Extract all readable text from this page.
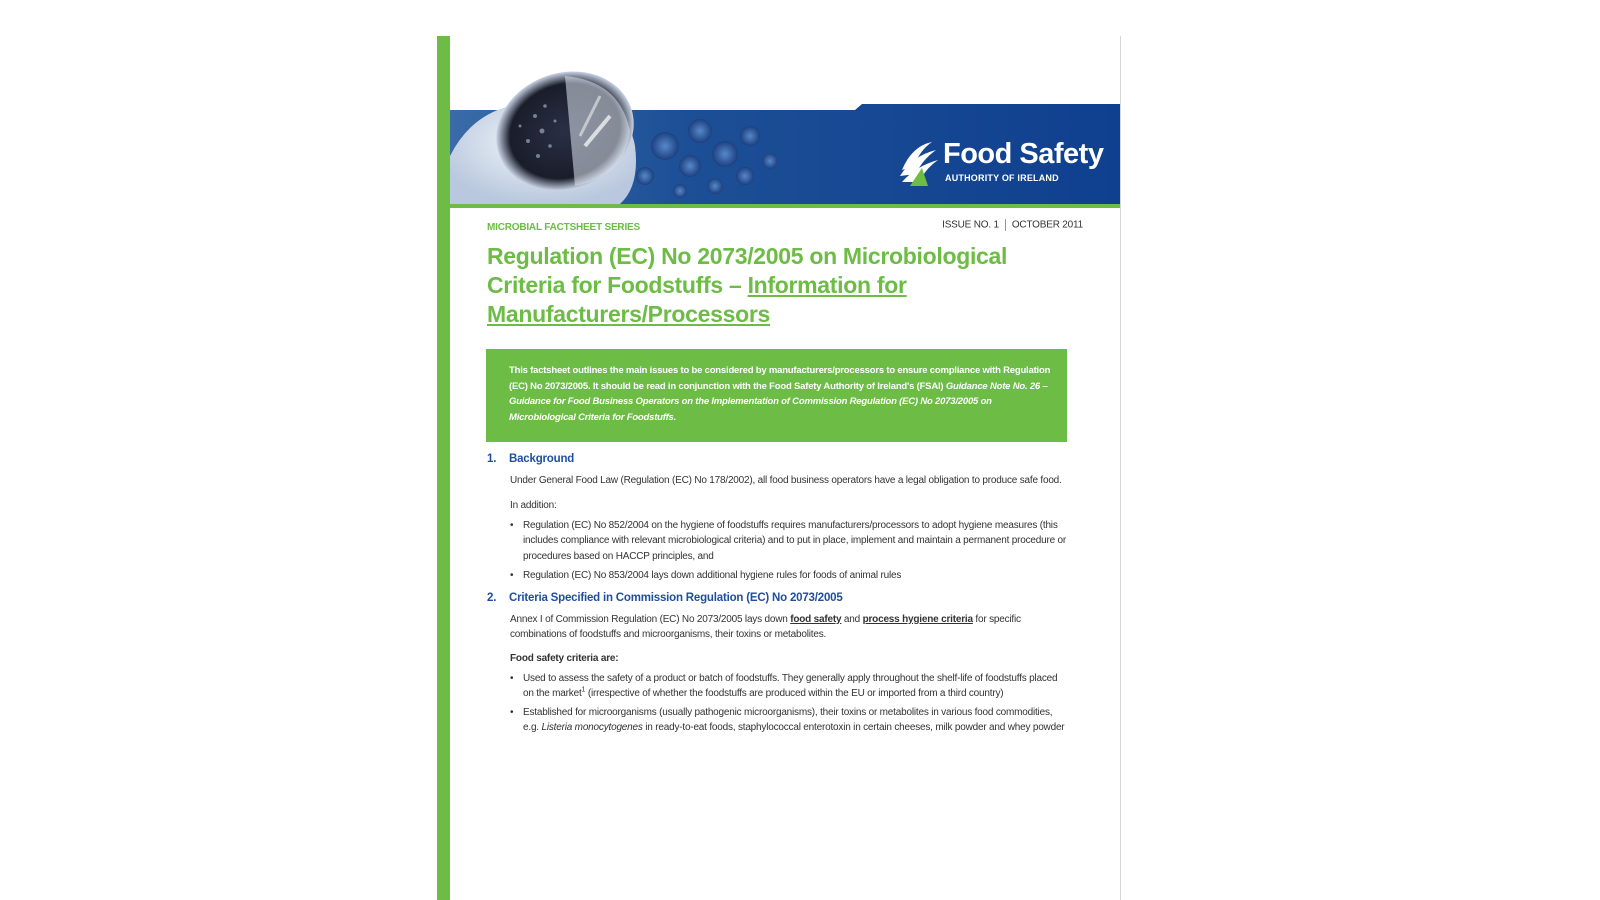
Food Safety
AUTHORITY OF IRELAND
MICROBIAL FACTSHEET SERIES	ISSUE NO. 1 OCTOBER 2011
Regulation (EC) No 2073/2005 on Microbiological
Criteria for Foodstuffs – Information for
Manufacturers/Processors
This factsheet outlines the main issues to be considered by manufacturers/processors to ensure compliance with Regulation (EC) No 2073/2005. It should be read in conjunction with the Food Safety Authority of Ireland's (FSAI) Guidance Note No. 26 – Guidance for Food Business Operators on the Implementation of Commission Regulation (EC) No 2073/2005 on Microbiological Criteria for Foodstuffs.
1.	Background

Under General Food Law (Regulation (EC) No 178/2002), all food business operators have a legal obligation to produce safe food.

In addition:

• Regulation (EC) No 852/2004 on the hygiene of foodstuffs requires manufacturers/processors to adopt hygiene measures (this includes compliance with relevant microbiological criteria) and to put in place, implement and maintain a permanent procedure or procedures based on HACCP principles, and
• Regulation (EC) No 853/2004 lays down additional hygiene rules for foods of animal rules
2.	Criteria Specified in Commission Regulation (EC) No 2073/2005

Annex I of Commission Regulation (EC) No 2073/2005 lays down food safety and process hygiene criteria for specific combinations of foodstuffs and microorganisms, their toxins or metabolites.

Food safety criteria are:
• Used to assess the safety of a product or batch of foodstuffs. They generally apply throughout the shelf-life of foodstuffs placed on the market$^1$ (irrespective of whether the foodstuffs are produced within the EU or imported from a third country)
• Established for microorganisms (usually pathogenic microorganisms), their toxins or metabolites in various food commodities, e.g. Listeria monocytogenes in ready-to-eat foods, staphylococcal enterotoxin in certain cheeses, milk powder and whey powder
